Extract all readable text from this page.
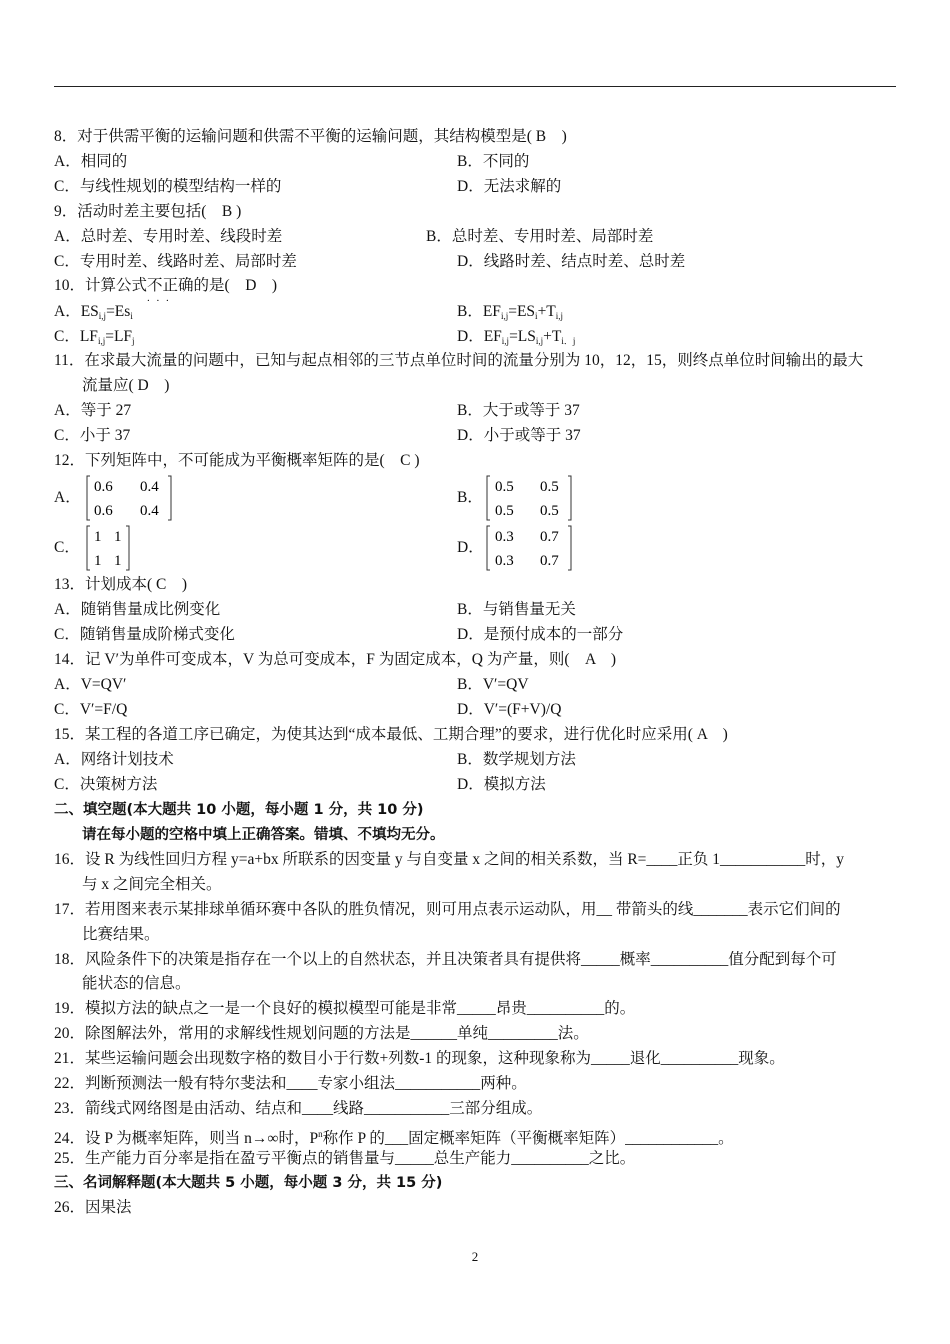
8．对于供需平衡的运输问题和供需不平衡的运输问题，其结构模型是( B　)
A．相同的	B．不同的
C．与线性规划的模型结构一样的	D．无法求解的
9．活动时差主要包括(　B )
A．总时差、专用时差、线段时差	B．总时差、专用时差、局部时差
C．专用时差、线路时差、局部时差	D．线路时差、结点时差、总时差
10．计算公式不正确 . . .的是(　D　)
A．$ES_{i,j}=Es_i$	B．$EF_{i,j}=ES_i+T_{i,j}$
C．$LF_{i,j}=LF_j$	D．$EF_{i,j}=LS_{i,j}+T_{i.j}$
11．在求最大流量的问题中，已知与起点相邻的三节点单位时间的流量分别为 10，12，15，则终点单位时间输出的最大
流量应( D　)
A．等于 27	B．大于或等于 37
C．小于 37	D．小于或等于 37
12．下列矩阵中，不可能成为平衡概率矩阵的是(　C )
A．
0.6 0.4
0.6 0.4
B．
0.5 0.5
0.5 0.5
C．
1 1
1 1
D．
0.3 0.7
0.3 0.7
13．计划成本( C　)
A．随销售量成比例变化	B．与销售量无关
C．随销售量成阶梯式变化	D．是预付成本的一部分
14．记 V′为单件可变成本，V 为总可变成本，F 为固定成本，Q 为产量，则(　A　)
A．V=QV′	B．V′=QV
C．V′=F/Q	D．V′=(F+V)/Q
15．某工程的各道工序已确定，为使其达到“成本最低、工期合理”的要求，进行优化时应采用( A　)
A．网络计划技术	B．数学规划方法
C．决策树方法	D．模拟方法
二、填空题(本大题共 10 小题，每小题 1 分，共 10 分)
请在每小题的空格中填上正确答案。错填、不填均无分。
16．设 R 为线性回归方程 y=a+bx 所联系的因变量 y 与自变量 x 之间的相关系数，当 R=____正负 1___________时，y
与 x 之间完全相关。
17．若用图来表示某排球单循环赛中各队的胜负情况，则可用点表示运动队，用__ 带箭头的线_______表示它们间的
比赛结果。
18．风险条件下的决策是指存在一个以上的自然状态，并且决策者具有提供将_____概率__________值分配到每个可
能状态的信息。
19．模拟方法的缺点之一是一个良好的模拟模型可能是非常_____昂贵__________的。
20．除图解法外，常用的求解线性规划问题的方法是______单纯_________法。
21．某些运输问题会出现数字格的数目小于行数+列数-1 的现象，这种现象称为_____退化__________现象。
22．判断预测法一般有特尔斐法和____专家小组法___________两种。
23．箭线式网络图是由活动、结点和____线路___________三部分组成。
24．设 P 为概率矩阵，则当 n→∞时，$P^n$称作 P 的___固定概率矩阵（平衡概率矩阵）____________。
25．生产能力百分率是指在盈亏平衡点的销售量与_____总生产能力__________之比。
三、名词解释题(本大题共 5 小题，每小题 3 分，共 15 分)
26．因果法
2
